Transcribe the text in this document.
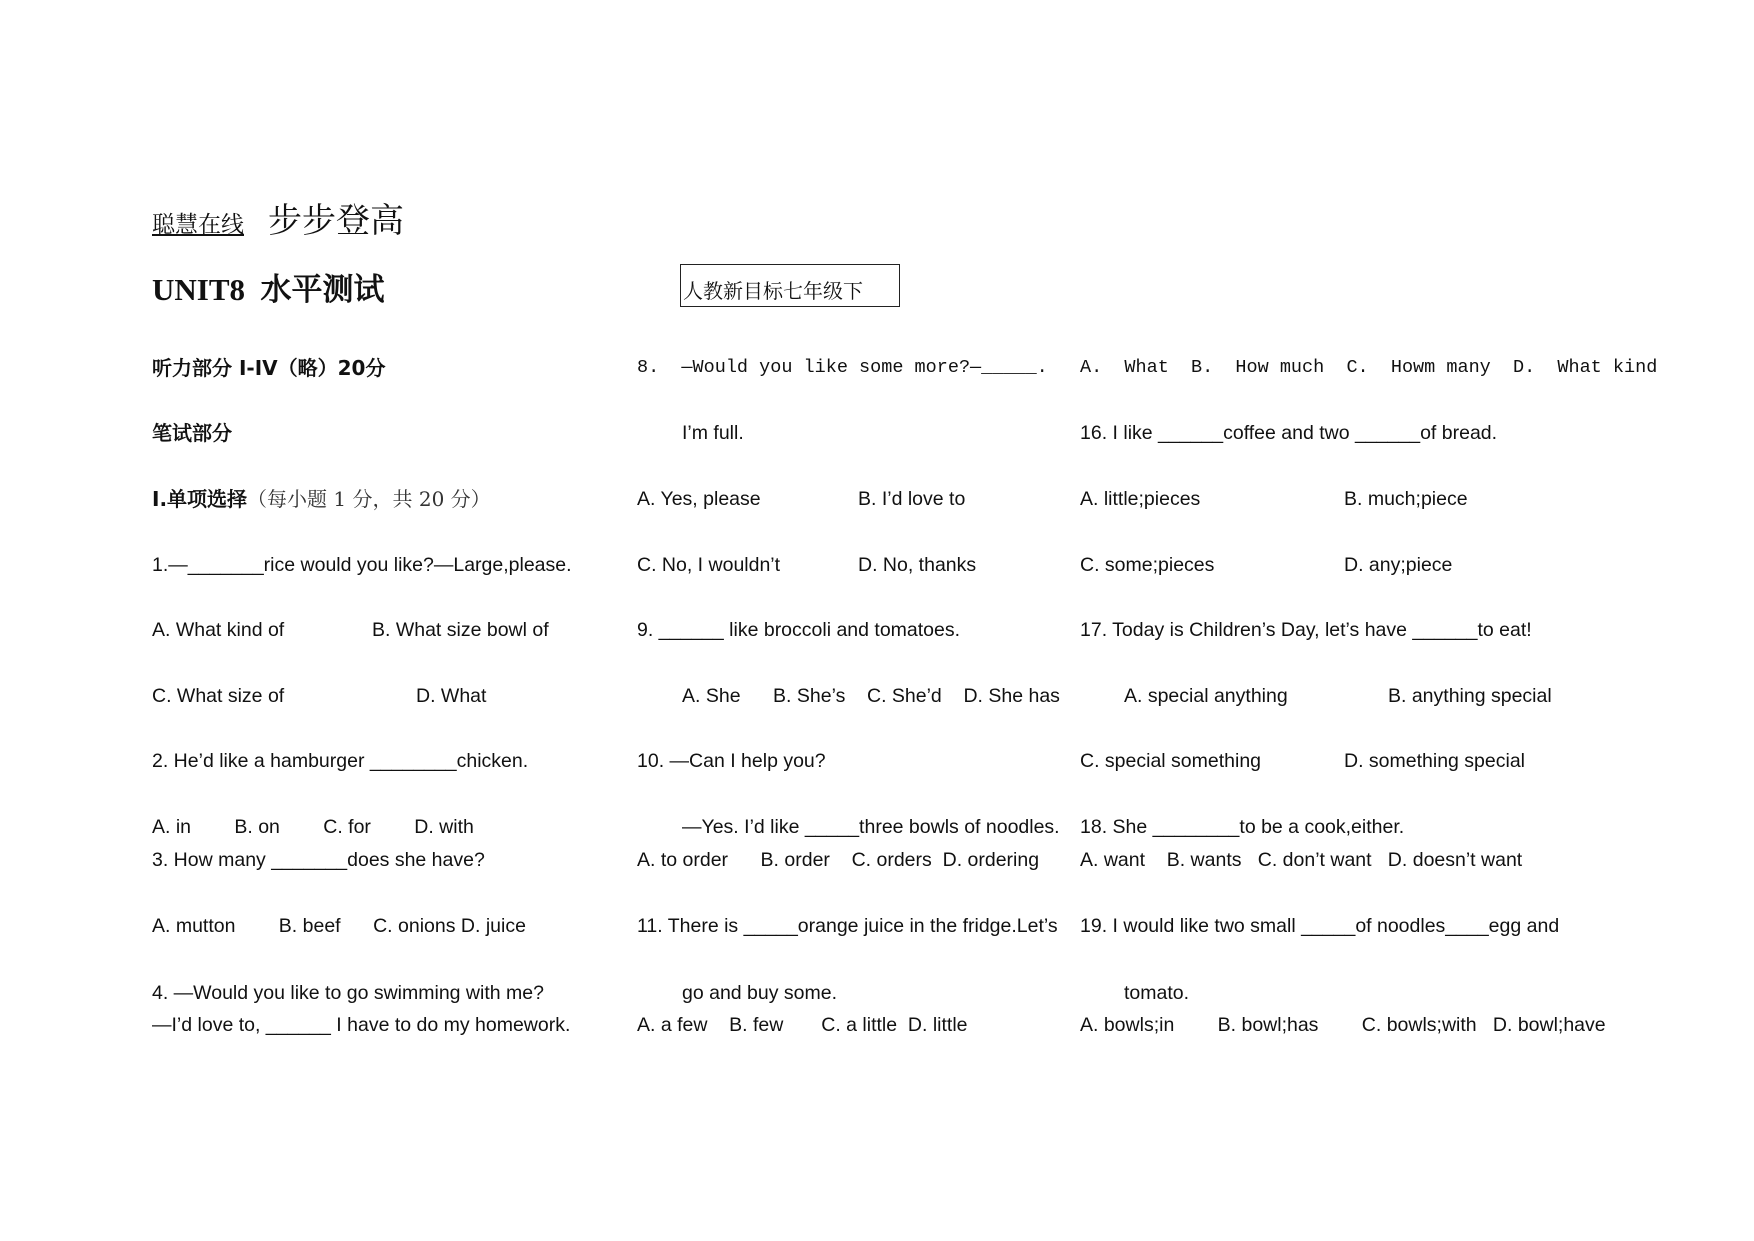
聪慧在线 步步登高
UNIT8  水平测试	人教新目标七年级下
听力部分 I-IV（略）20分
笔试部分
I.单项选择（每小题 1 分，共 20 分）
1.—_______rice would you like?—Large,please.
A. What kind of	B. What size bowl of
C. What size of	D. What
2. He’d like a hamburger ________chicken.
A. in        B. on        C. for        D. with
3. How many _______does she have?
A. mutton        B. beef      C. onions D. juice
4. —Would you like to go swimming with me?
—I’d love to, ______ I have to do my homework.
8.  —Would you like some more?—_____.
I’m full.
A. Yes, please	B. I’d love to
C. No, I wouldn’t	D. No, thanks
9. ______ like broccoli and tomatoes.
A. She      B. She’s    C. She’d    D. She has
10. —Can I help you?
—Yes. I’d like _____three bowls of noodles.
A. to order      B. order    C. orders  D. ordering
11. There is _____orange juice in the fridge.Let’s
go and buy some.
A. a few    B. few       C. a little  D. little
A.  What  B.  How much  C.  Howm many  D.  What kind
16. I like ______coffee and two ______of bread.
A. little;pieces	B. much;piece
C. some;pieces	D. any;piece
17. Today is Children’s Day, let’s have ______to eat!
A. special anything	B. anything special
C. special something	D. something special
18. She ________to be a cook,either.
A. want    B. wants   C. don’t want   D. doesn’t want
19. I would like two small _____of noodles____egg and
tomato.
A. bowls;in        B. bowl;has        C. bowls;with   D. bowl;have
